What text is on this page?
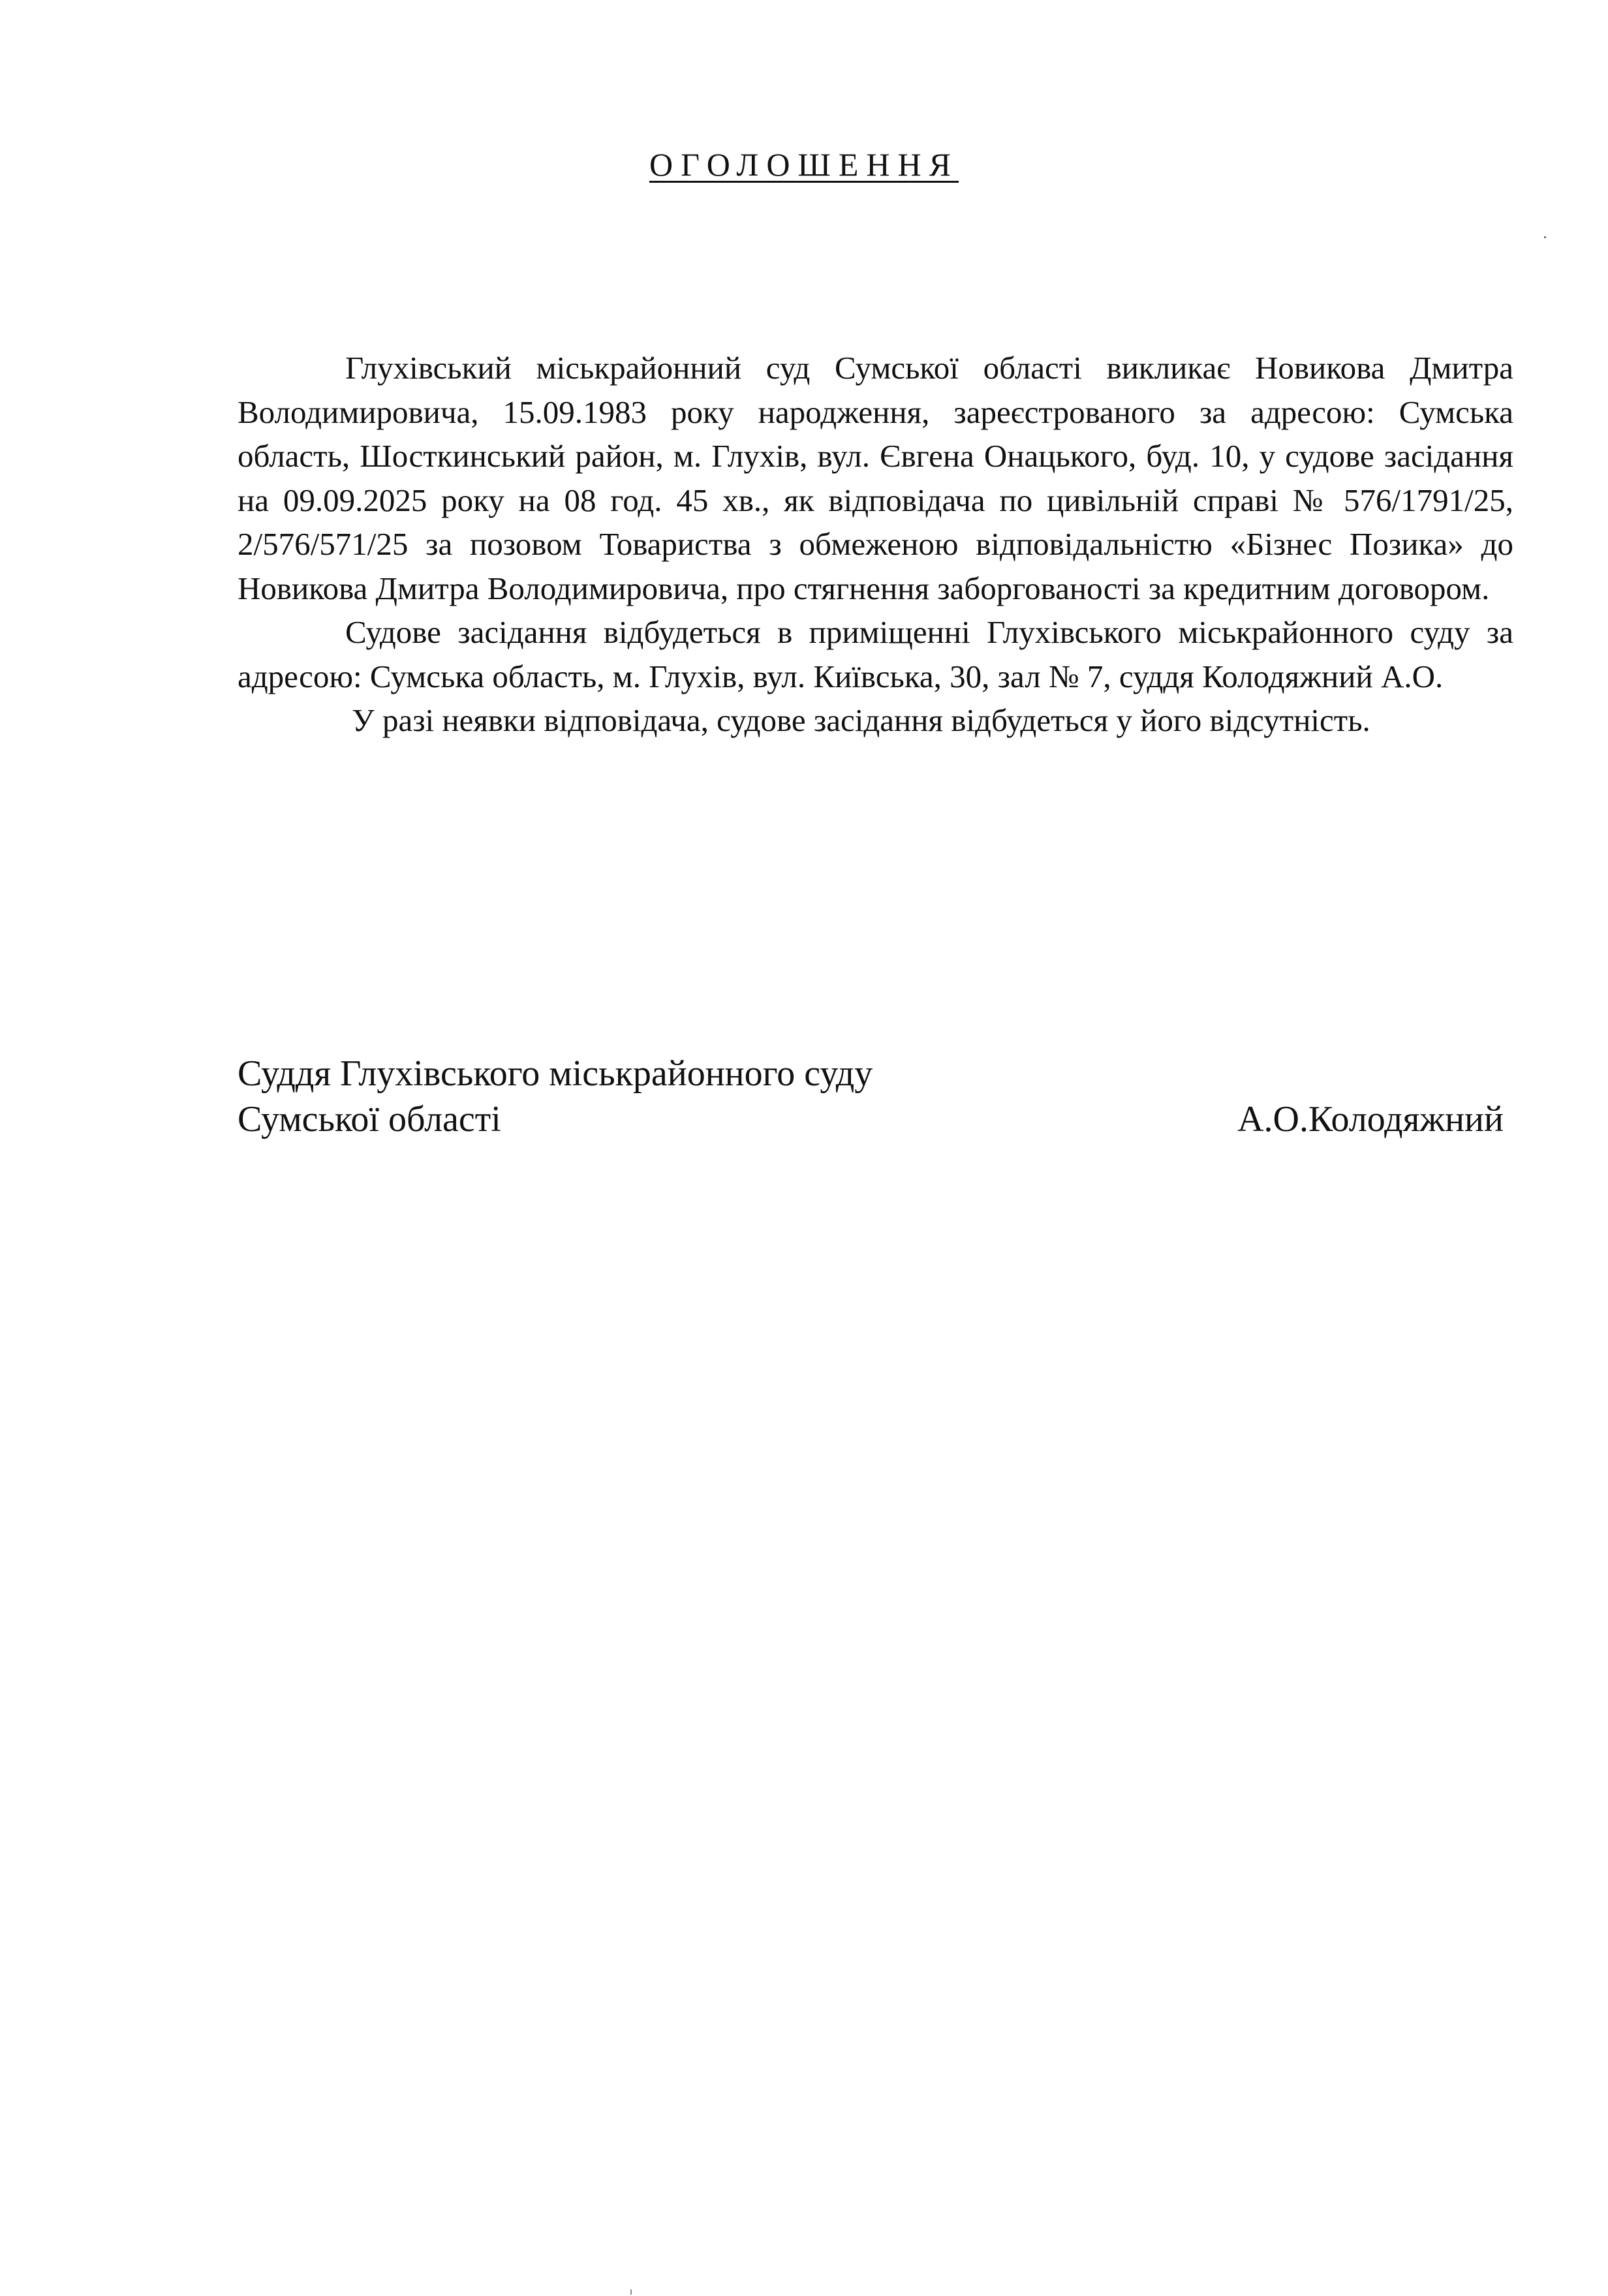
ОГОЛОШЕННЯ

Глухівський міськрайонний суд Сумської області викликає Новикова Дмитра Володимировича, 15.09.1983 року народження, зареєстрованого за адресою: Сумська область, Шосткинський район, м. Глухів, вул. Євгена Онацького, буд. 10, у судове засідання на 09.09.2025 року на 08 год. 45 хв., як відповідача по цивільній справі № 576/1791/25, 2/576/571/25 за позовом Товариства з обмеженою відповідальністю «Бізнес Позика» до Новикова Дмитра Володимировича, про стягнення заборгованості за кредитним договором.

Судове засідання відбудеться в приміщенні Глухівського міськрайонного суду за адресою: Сумська область, м. Глухів, вул. Київська, 30, зал № 7, суддя Колодяжний А.О.

У разі неявки відповідача, судове засідання відбудеться у його відсутність.

Суддя Глухівського міськрайонного суду
Сумської області	А.О.Колодяжний
